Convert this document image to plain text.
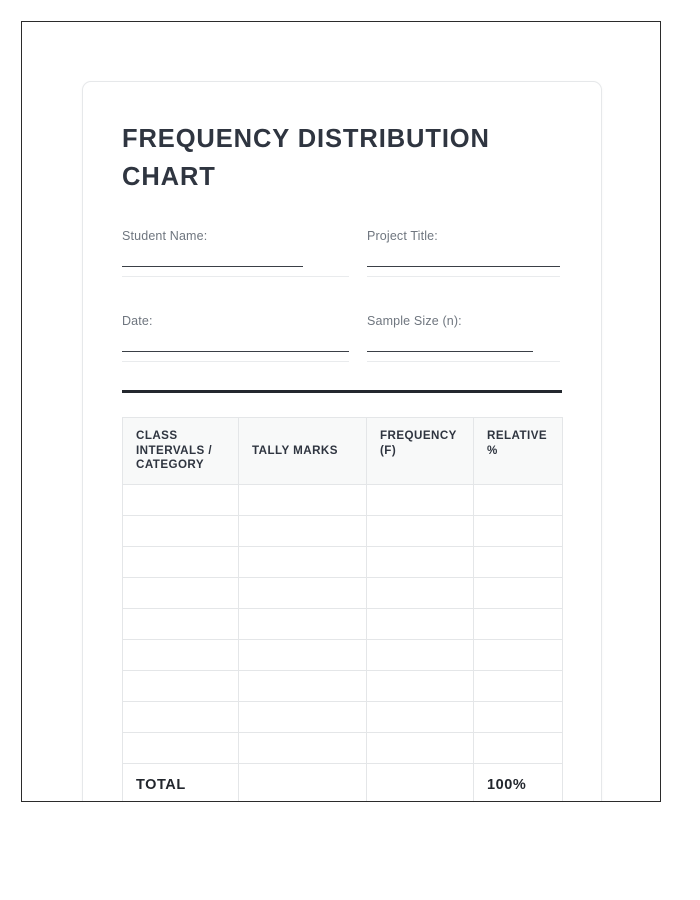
FREQUENCY DISTRIBUTION CHART
Student Name:	Project Title:
Date:	Sample Size (n):
CLASS INTERVALS / CATEGORY	TALLY MARKS	FREQUENCY (F)	RELATIVE %

TOTAL			100%
